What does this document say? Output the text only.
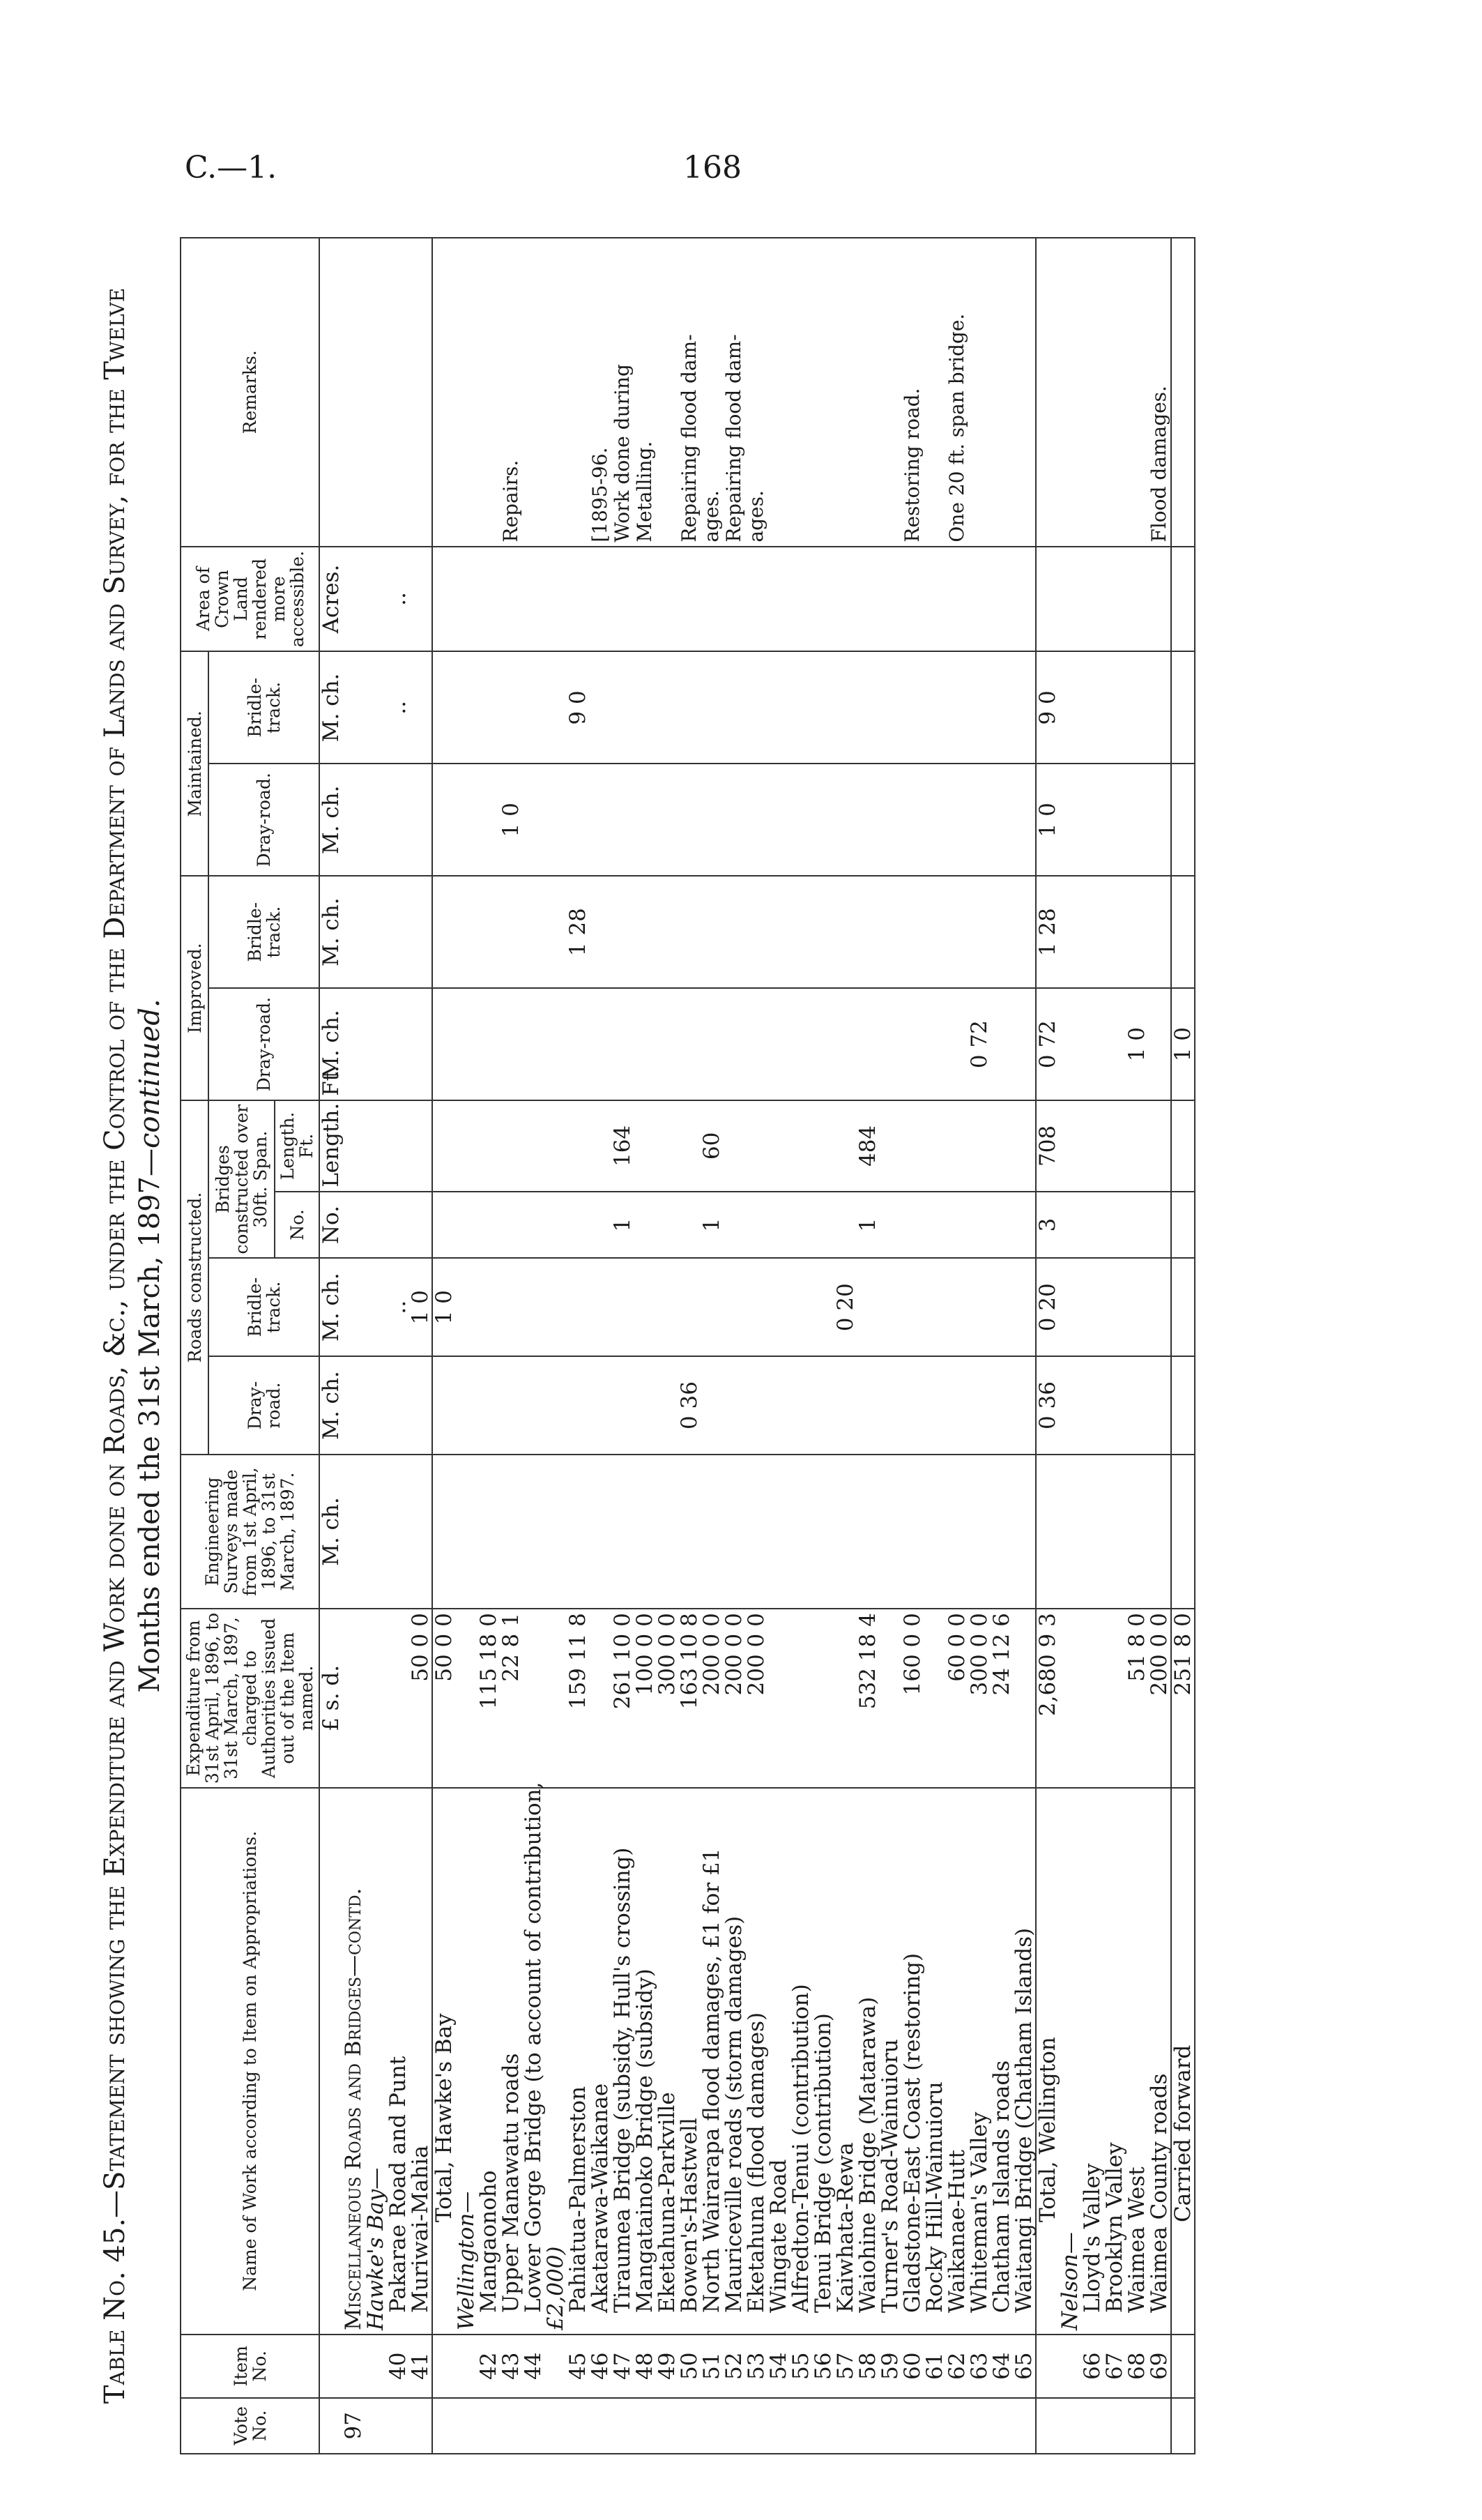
C.—1.	168
Table No. 45.—Statement showing the Expenditure and Work done on Roads, &c., under the Control of the Department of Lands and Survey, for the Twelve Months ended the 31st March, 1897—continued.
Vote No.	Item No.	Name of Work according to Item on Appropriations.	Expenditure from 31st April, 1896, to 31st March, 1897, charged to Authorities issued out of the Item named.	Engineering Surveys made from 1st April, 1896, to 31st March, 1897.	Roads constructed.				Improved.		Maintained.		Area of Crown Land rendered more accessible.	Remarks.
					Dray-road.	Bridle-track.	Bridges constructed over 30ft. Span.		Dray-road.	Bridle-track.	Dray-road.	Bridle-track.		
							No.	Length. Ft.						
			£ s. d.	M. ch.	M. ch.	M. ch.	No.	Length. Ft.	M. ch.	M. ch.	M. ch.	M. ch.	Acres.	
97		Miscellaneous Roads and Bridges—contd.												
		Hawke's Bay—												
	40	Pakarae Road and Punt				..						..	..	
	41	Muriwai-Mahia	50 0 0			1 0								
		Total, Hawke's Bay	50 0 0			1 0								
		Wellington—												
	42	Mangaonoho	115 18 0											
	43	Upper Manawatu roads	22 8 1								1 0			Repairs.
	44	Lower Gorge Bridge (to account of contribution,												
		£2,000)												
	45	Pahiatua-Palmerston	159 11 8							1 28		9 0		
	46	Akatarawa-Waikanae												[1895-96.
	47	Tiraumea Bridge (subsidy, Hull's crossing)	261 10 0				1	164						Work done during
	48	Mangatainoko Bridge (subsidy)	100 0 0											Metalling.
	49	Eketahuna-Parkville	300 0 0											
	50	Bowen's-Hastwell	163 10 8		0 36									Repairing flood dam-
	51	North Wairarapa flood damages, £1 for £1	200 0 0				1	60						ages.
	52	Mauriceville roads (storm damages)	200 0 0											Repairing flood dam-
	53	Eketahuna (flood damages)	200 0 0											ages.
	54	Wingate Road												
	55	Alfredton-Tenui (contribution)												
	56	Tenui Bridge (contribution)												
	57	Kaiwhata-Rewa				0 20								
	58	Waiohine Bridge (Matarawa)	532 18 4				1	484						
	59	Turner's Road-Wainuioru												
	60	Gladstone-East Coast (restoring)	160 0 0											Restoring road.
	61	Rocky Hill-Wainuioru												
	62	Waikanae-Hutt	60 0 0											One 20 ft. span bridge.
	63	Whiteman's Valley	300 0 0						0 72					
	64	Chatham Islands roads	24 12 6											
	65	Waitangi Bridge (Chatham Islands)												
		Total, Wellington	2,680 9 3		0 36	0 20	3	708	0 72	1 28	1 0	9 0		
		Nelson—												
	66	Lloyd's Valley												
	67	Brooklyn Valley												
	68	Waimea West	51 8 0						1 0					
	69	Waimea County roads	200 0 0											Flood damages.
		Carried forward	251 8 0						1 0					
